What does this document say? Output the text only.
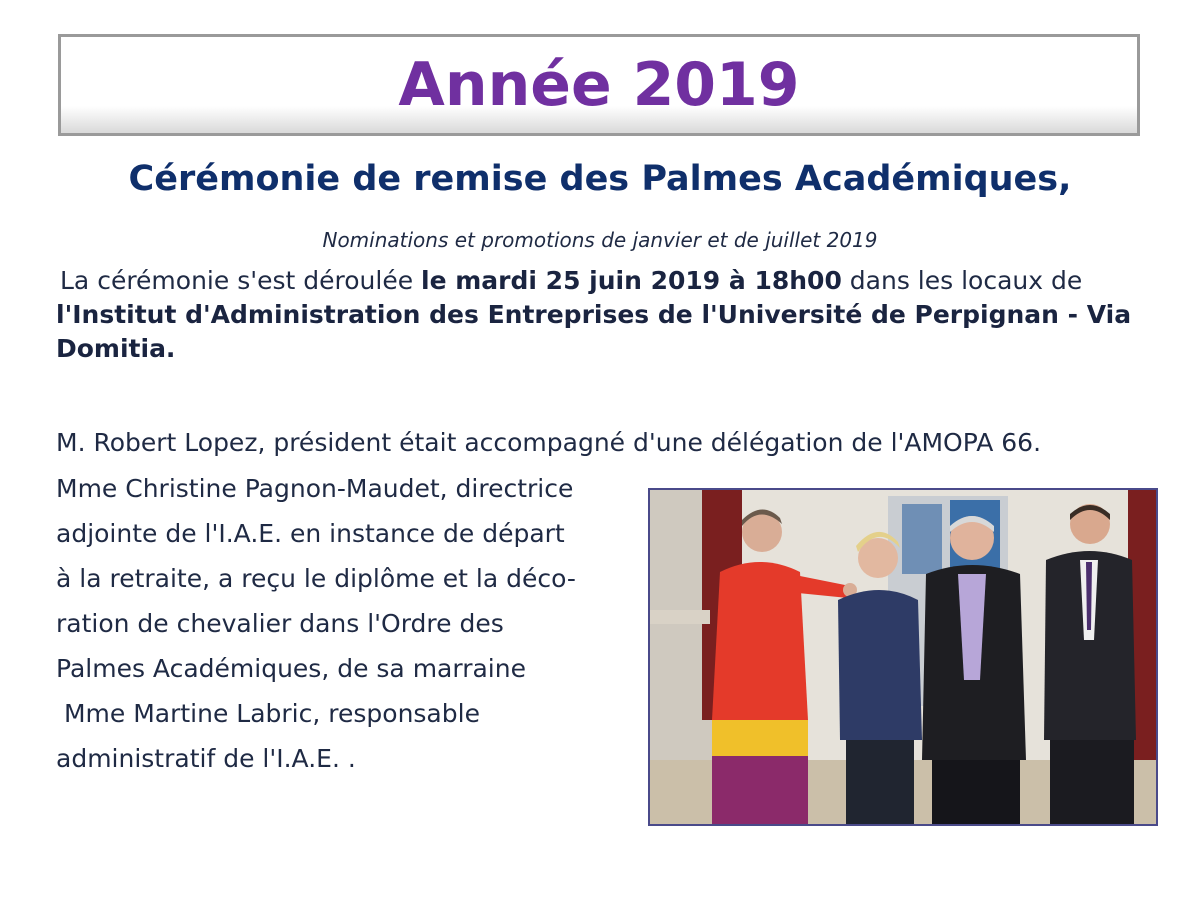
Année 2019
Cérémonie de remise des Palmes Académiques,
Nominations et promotions de janvier et de juillet 2019
La cérémonie s'est déroulée le mardi 25 juin 2019 à 18h00 dans les locaux de
l'Institut d'Administration des Entreprises de l'Université de Perpignan - Via
Domitia.
M. Robert Lopez, président était accompagné d'une délégation de l'AMOPA 66.
Mme Christine Pagnon-Maudet, directrice
adjointe de l'I.A.E. en instance de départ
à la retraite, a reçu le diplôme et la déco-
ration de chevalier dans l'Ordre des
Palmes Académiques, de sa marraine
Mme Martine Labric, responsable
administratif de l'I.A.E. .
